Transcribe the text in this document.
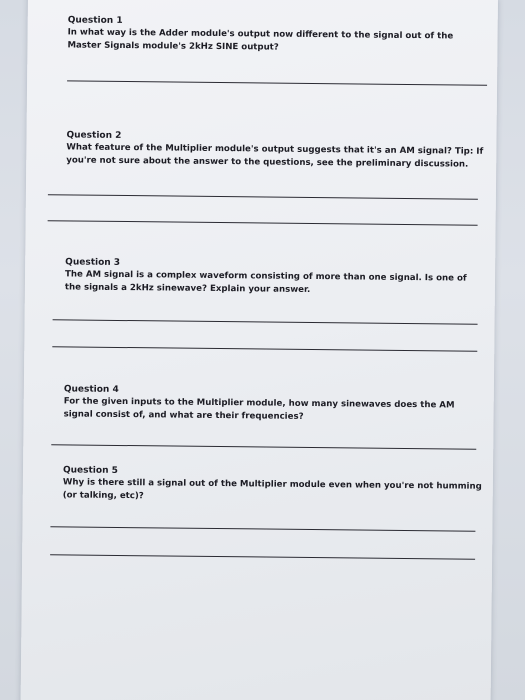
Question 1
In what way is the Adder module's output now different to the signal out of the Master Signals module's 2kHz SINE output?
Question 2
What feature of the Multiplier module's output suggests that it's an AM signal? Tip: If you're not sure about the answer to the questions, see the preliminary discussion.
Question 3
The AM signal is a complex waveform consisting of more than one signal. Is one of the signals a 2kHz sinewave? Explain your answer.
Question 4
For the given inputs to the Multiplier module, how many sinewaves does the AM signal consist of, and what are their frequencies?
Question 5
Why is there still a signal out of the Multiplier module even when you're not humming (or talking, etc)?
